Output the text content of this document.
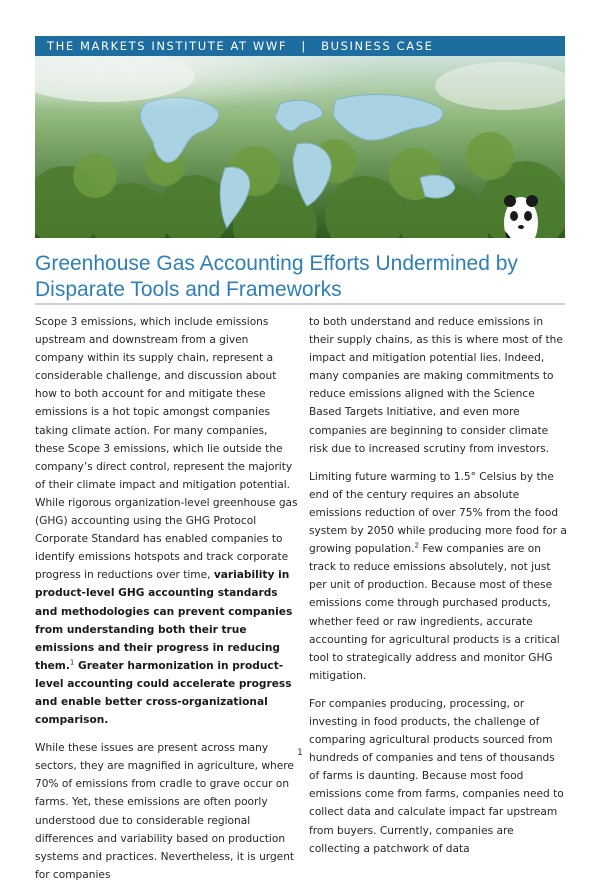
THE MARKETS INSTITUTE AT WWF | BUSINESS CASE
Greenhouse Gas Accounting Efforts Undermined by Disparate Tools and Frameworks

Scope 3 emissions, which include emissions upstream and downstream from a given company within its supply chain, represent a considerable challenge, and discussion about how to both account for and mitigate these emissions is a hot topic amongst companies taking climate action. For many companies, these Scope 3 emissions, which lie outside the company’s direct control, represent the majority of their climate impact and mitigation potential. While rigorous organization-level greenhouse gas (GHG) accounting using the GHG Protocol Corporate Standard has enabled companies to identify emissions hotspots and track corporate progress in reductions over time, variability in product-level GHG accounting standards and methodologies can prevent companies from understanding both their true emissions and their progress in reducing them.$^1$ Greater harmonization in product-level accounting could accelerate progress and enable better cross-organizational comparison.

While these issues are present across many sectors, they are magnified in agriculture, where 70% of emissions from cradle to grave occur on farms. Yet, these emissions are often poorly understood due to considerable regional differences and variability based on production systems and practices. Nevertheless, it is urgent for companies

to both understand and reduce emissions in their supply chains, as this is where most of the impact and mitigation potential lies. Indeed, many companies are making commitments to reduce emissions aligned with the Science Based Targets Initiative, and even more companies are beginning to consider climate risk due to increased scrutiny from investors.

Limiting future warming to 1.5° Celsius by the end of the century requires an absolute emissions reduction of over 75% from the food system by 2050 while producing more food for a growing population.$^2$ Few companies are on track to reduce emissions absolutely, not just per unit of production. Because most of these emissions come through purchased products, whether feed or raw ingredients, accurate accounting for agricultural products is a critical tool to strategically address and monitor GHG mitigation.

For companies producing, processing, or investing in food products, the challenge of comparing agricultural products sourced from hundreds of companies and tens of thousands of farms is daunting. Because most food emissions come from farms, companies need to collect data and calculate impact far upstream from buyers. Currently, companies are collecting a patchwork of data

1
